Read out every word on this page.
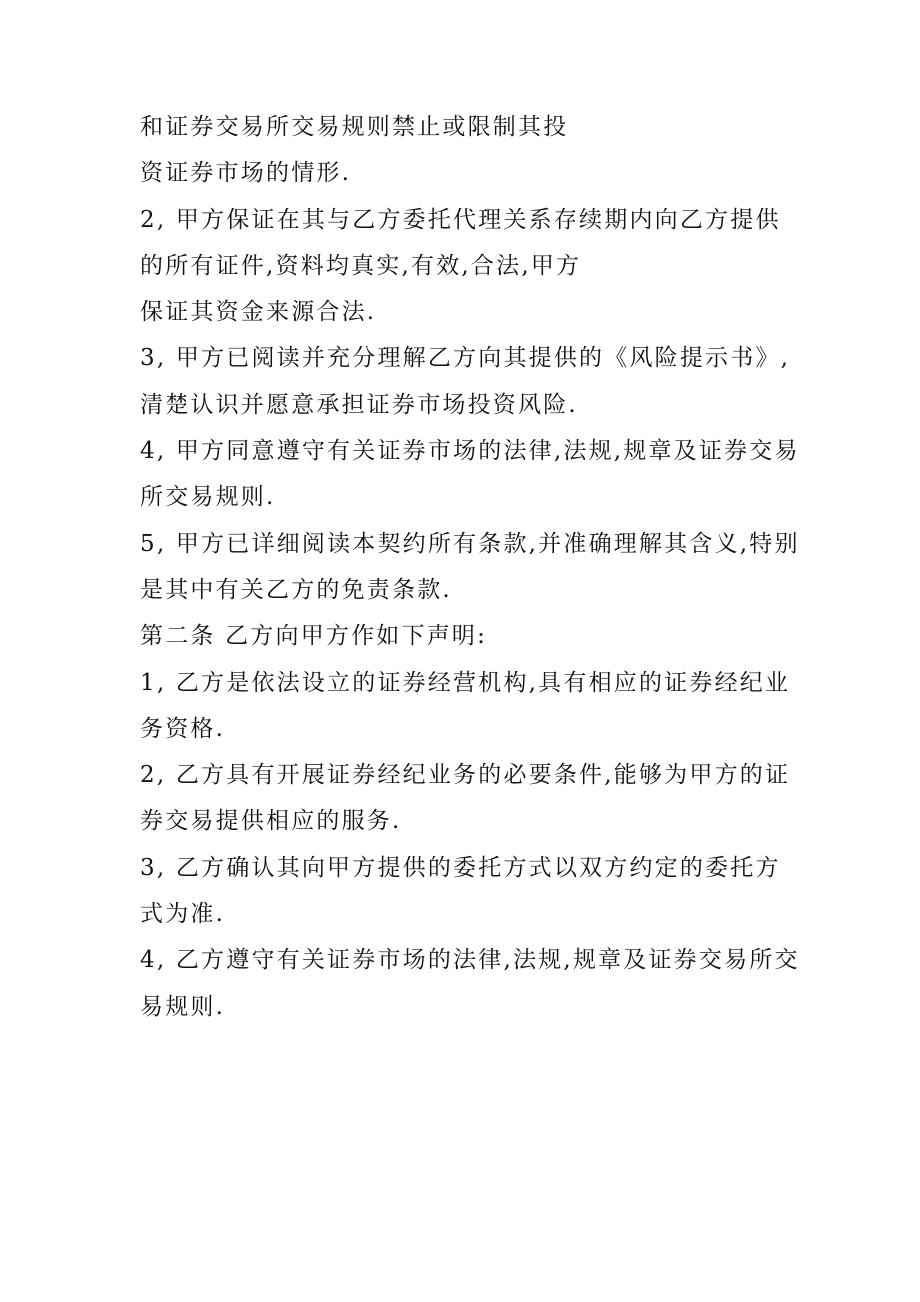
和证券交易所交易规则禁止或限制其投
资证券市场的情形.
2, 甲方保证在其与乙方委托代理关系存续期内向乙方提供
的所有证件,资料均真实,有效,合法,甲方
保证其资金来源合法.
3, 甲方已阅读并充分理解乙方向其提供的《风险提示书》,
清楚认识并愿意承担证券市场投资风险.
4, 甲方同意遵守有关证券市场的法律,法规,规章及证券交易
所交易规则.
5, 甲方已详细阅读本契约所有条款,并准确理解其含义,特别
是其中有关乙方的免责条款.
第二条 乙方向甲方作如下声明:
1, 乙方是依法设立的证券经营机构,具有相应的证券经纪业
务资格.
2, 乙方具有开展证券经纪业务的必要条件,能够为甲方的证
券交易提供相应的服务.
3, 乙方确认其向甲方提供的委托方式以双方约定的委托方
式为准.
4, 乙方遵守有关证券市场的法律,法规,规章及证券交易所交
易规则.
